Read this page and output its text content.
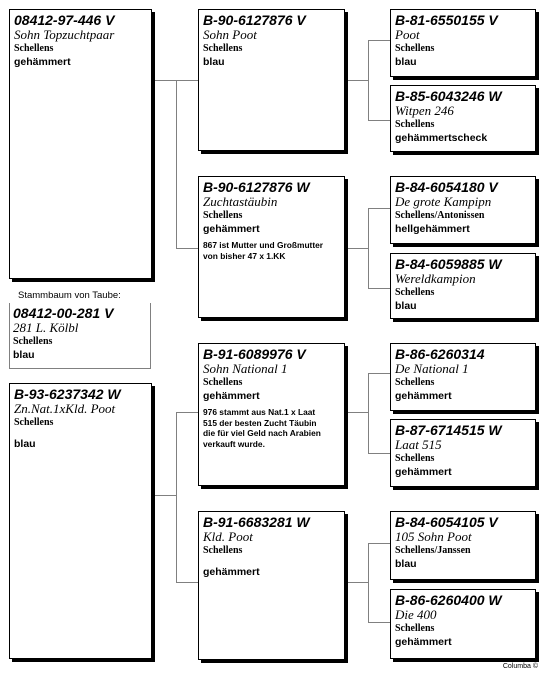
Stammbaum von Taube:
08412-97-446 V
Sohn Topzuchtpaar
Schellens
gehämmert
08412-00-281 V
281 L. Kölbl
Schellens
blau
B-93-6237342 W
Zn.Nat.1xKld. Poot
Schellens
blau
B-90-6127876 V
Sohn Poot
Schellens
blau
B-90-6127876 W
Zuchtastäubin
Schellens
gehämmert
867 ist Mutter und Großmutter
von bisher 47 x 1.KK
B-91-6089976 V
Sohn National 1
Schellens
gehämmert
976 stammt aus Nat.1 x Laat
515 der besten Zucht Täubin
die für viel Geld nach Arabien
verkauft wurde.
B-91-6683281 W
Kld. Poot
Schellens
gehämmert
B-81-6550155 V
Poot
Schellens
blau
B-85-6043246 W
Witpen 246
Schellens
gehämmertscheck
B-84-6054180 V
De grote Kampipn
Schellens/Antonissen
hellgehämmert
B-84-6059885 W
Wereldkampion
Schellens
blau
B-86-6260314
De National 1
Schellens
gehämmert
B-87-6714515 W
Laat 515
Schellens
gehämmert
B-84-6054105 V
105 Sohn Poot
Schellens/Janssen
blau
B-86-6260400 W
Die 400
Schellens
gehämmert
Columba ©
